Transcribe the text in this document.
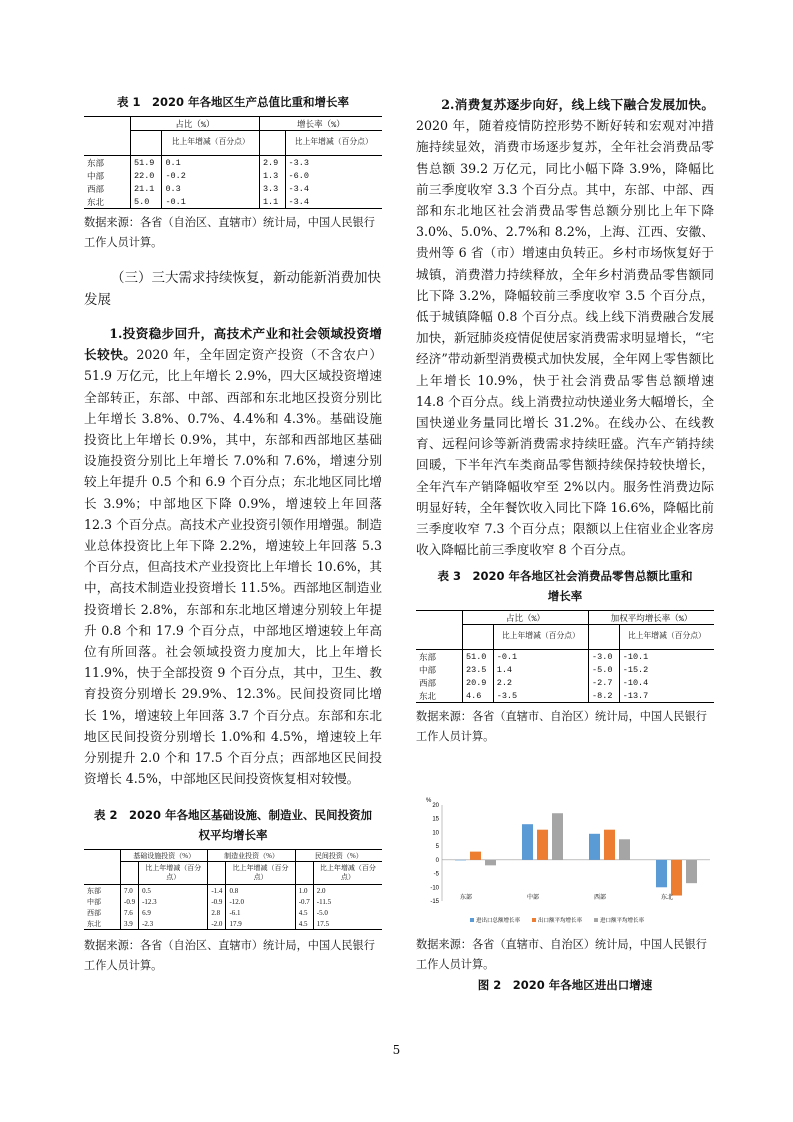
表 1　2020 年各地区生产总值比重和增长率

	占比（%）		增长率（%）	
		比上年增减（百分点）		比上年增减（百分点）
东部	51.9	0.1	2.9	-3.3
中部	22.0	-0.2	1.3	-6.0
西部	21.1	0.3	3.3	-3.4
东北	5.0	-0.1	1.1	-3.4

数据来源：各省（自治区、直辖市）统计局，中国人民银行工作人员计算。

（三）三大需求持续恢复，新动能新消费加快发展

1.投资稳步回升，高技术产业和社会领域投资增长较快。2020 年，全年固定资产投资（不含农户）51.9 万亿元，比上年增长 2.9%，四大区域投资增速全部转正，东部、中部、西部和东北地区投资分别比上年增长 3.8%、0.7%、4.4%和 4.3%。基础设施投资比上年增长 0.9%，其中，东部和西部地区基础设施投资分别比上年增长 7.0%和 7.6%，增速分别较上年提升 0.5 个和 6.9 个百分点；东北地区同比增长 3.9%；中部地区下降 0.9%，增速较上年回落 12.3 个百分点。高技术产业投资引领作用增强。制造业总体投资比上年下降 2.2%，增速较上年回落 5.3 个百分点，但高技术产业投资比上年增长 10.6%，其中，高技术制造业投资增长 11.5%。西部地区制造业投资增长 2.8%，东部和东北地区增速分别较上年提升 0.8 个和 17.9 个百分点，中部地区增速较上年高位有所回落。社会领域投资力度加大，比上年增长 11.9%，快于全部投资 9 个百分点，其中，卫生、教育投资分别增长 29.9%、12.3%。民间投资同比增长 1%，增速较上年回落 3.7 个百分点。东部和东北地区民间投资分别增长 1.0%和 4.5%，增速较上年分别提升 2.0 个和 17.5 个百分点；西部地区民间投资增长 4.5%，中部地区民间投资恢复相对较慢。

表 2　2020 年各地区基础设施、制造业、民间投资加权平均增长率

	基础设施投资（%）		制造业投资（%）		民间投资（%）	
		比上年增减（百分点）		比上年增减（百分点）		比上年增减（百分点）
东部	7.0	0.5	-1.4	0.8	1.0	2.0
中部	-0.9	-12.3	-0.9	-12.0	-0.7	-11.5
西部	7.6	6.9	2.8	-6.1	4.5	-5.0
东北	3.9	-2.3	-2.0	17.9	4.5	17.5

数据来源：各省（自治区、直辖市）统计局，中国人民银行工作人员计算。

2.消费复苏逐步向好，线上线下融合发展加快。2020 年，随着疫情防控形势不断好转和宏观对冲措施持续显效，消费市场逐步复苏，全年社会消费品零售总额 39.2 万亿元，同比小幅下降 3.9%，降幅比前三季度收窄 3.3 个百分点。其中，东部、中部、西部和东北地区社会消费品零售总额分别比上年下降 3.0%、5.0%、2.7%和 8.2%，上海、江西、安徽、贵州等 6 省（市）增速由负转正。乡村市场恢复好于城镇，消费潜力持续释放，全年乡村消费品零售额同比下降 3.2%，降幅较前三季度收窄 3.5 个百分点，低于城镇降幅 0.8 个百分点。线上线下消费融合发展加快，新冠肺炎疫情促使居家消费需求明显增长，“宅经济”带动新型消费模式加快发展，全年网上零售额比上年增长 10.9%，快于社会消费品零售总额增速 14.8 个百分点。线上消费拉动快递业务大幅增长，全国快递业务量同比增长 31.2%。在线办公、在线教育、远程问诊等新消费需求持续旺盛。汽车产销持续回暖，下半年汽车类商品零售额持续保持较快增长，全年汽车产销降幅收窄至 2%以内。服务性消费边际明显好转，全年餐饮收入同比下降 16.6%，降幅比前三季度收窄 7.3 个百分点；限额以上住宿业企业客房收入降幅比前三季度收窄 8 个百分点。

表 3　2020 年各地区社会消费品零售总额比重和增长率

	占比（%）		加权平均增长率（%）	
		比上年增减（百分点）		比上年增减（百分点）
东部	51.0	-0.1	-3.0	-10.1
中部	23.5	1.4	-5.0	-15.2
西部	20.9	2.2	-2.7	-10.4
东北	4.6	-3.5	-8.2	-13.7

数据来源：各省（直辖市、自治区）统计局，中国人民银行工作人员计算。

%
20
15
10
5
0
-5
-10
-15
东部	中部	西部	东北
进出口总额增长率	出口额平均增长率	进口额平均增长率

数据来源：各省（直辖市、自治区）统计局，中国人民银行工作人员计算。

图 2　2020 年各地区进出口增速

5
